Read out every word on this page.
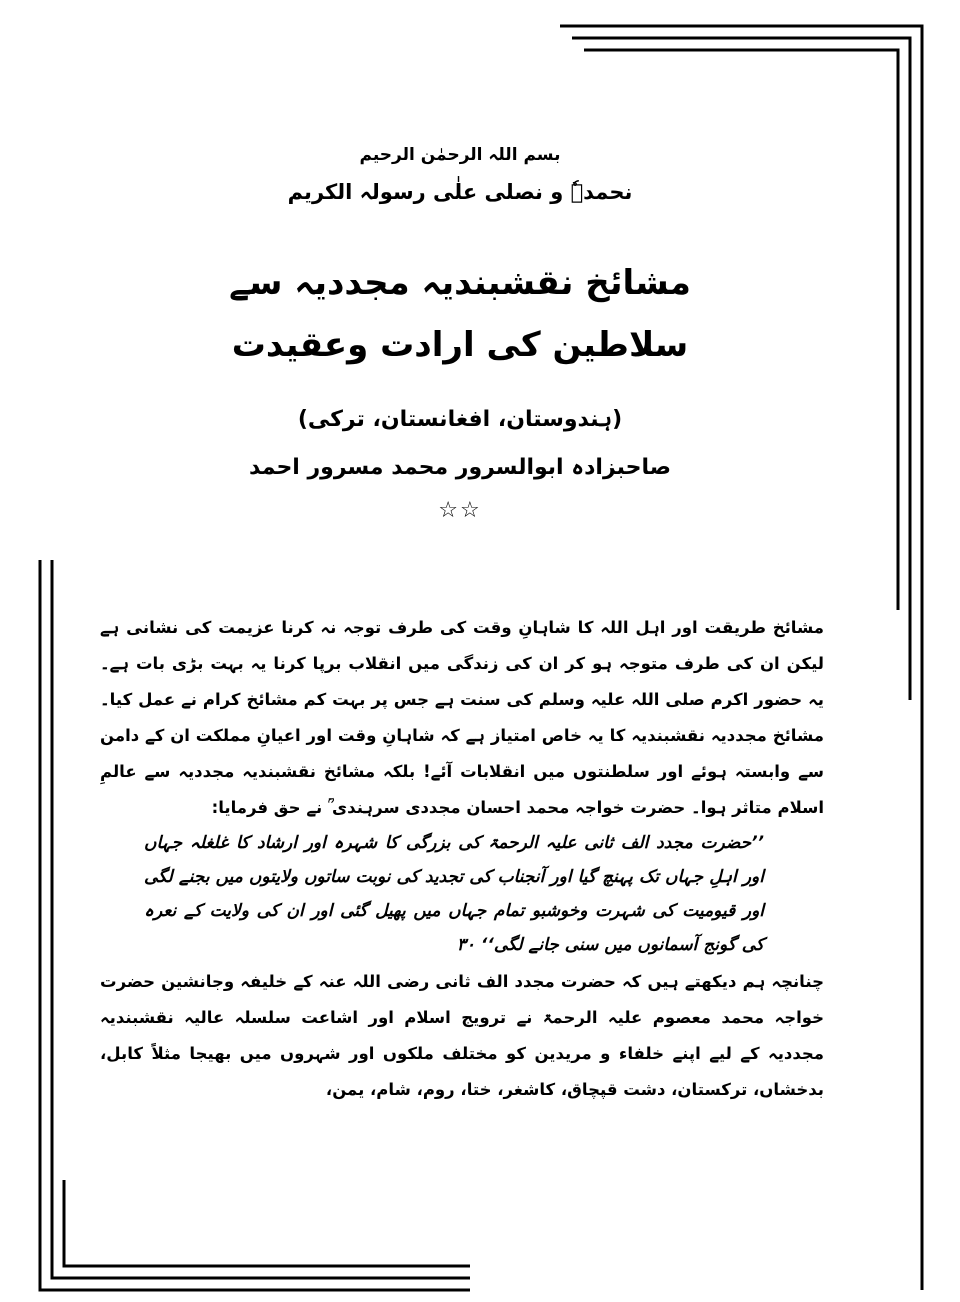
بسم اللہ الرحمٰن الرحیم
نحمدہٗ و نصلی علٰی رسولہ الکریم
مشائخ نقشبندیہ مجددیہ سے
سلاطین کی ارادت وعقیدت
(ہندوستان، افغانستان، ترکی)
صاحبزادہ ابوالسرور محمد مسرور احمد
☆☆

مشائخ طریقت اور اہل اللہ کا شاہانِ وقت کی طرف توجہ نہ کرنا عزیمت کی نشانی ہے لیکن ان کی طرف متوجہ ہو کر ان کی زندگی میں انقلاب برپا کرنا یہ بہت بڑی بات ہے۔ یہ حضور اکرم صلی اللہ علیہ وسلم کی سنت ہے جس پر بہت کم مشائخ کرام نے عمل کیا۔ مشائخ مجددیہ نقشبندیہ کا یہ خاص امتیاز ہے کہ شاہانِ وقت اور اعیانِ مملکت ان کے دامن سے وابستہ ہوئے اور سلطنتوں میں انقلابات آئے! بلکہ مشائخ نقشبندیہ مجددیہ سے عالمِ اسلام متاثر ہوا۔ حضرت خواجہ محمد احسان مجددی سرہندی ؒ نے حق فرمایا:

’’حضرت مجدد الف ثانی علیہ الرحمۃ کی بزرگی کا شہرہ اور ارشاد کا غلغلہ جہاں اور اہلِ جہاں تک پہنچ گیا اور آنجناب کی تجدید کی نوبت ساتوں ولایتوں میں بجنے لگی اور قیومیت کی شہرت وخوشبو تمام جہاں میں پھیل گئی اور ان کی ولایت کے نعرہ کی گونج آسمانوں میں سنی جانے لگی‘‘ ۳۰

چنانچہ ہم دیکھتے ہیں کہ حضرت مجدد الف ثانی رضی اللہ عنہ کے خلیفہ وجانشین حضرت خواجہ محمد معصوم علیہ الرحمۃ نے ترویج اسلام اور اشاعت سلسلہ عالیہ نقشبندیہ مجددیہ کے لیے اپنے خلفاء و مریدین کو مختلف ملکوں اور شہروں میں بھیجا مثلاً کابل، بدخشاں، ترکستان، دشت قپچاق، کاشغر، ختا، روم، شام، یمن،
